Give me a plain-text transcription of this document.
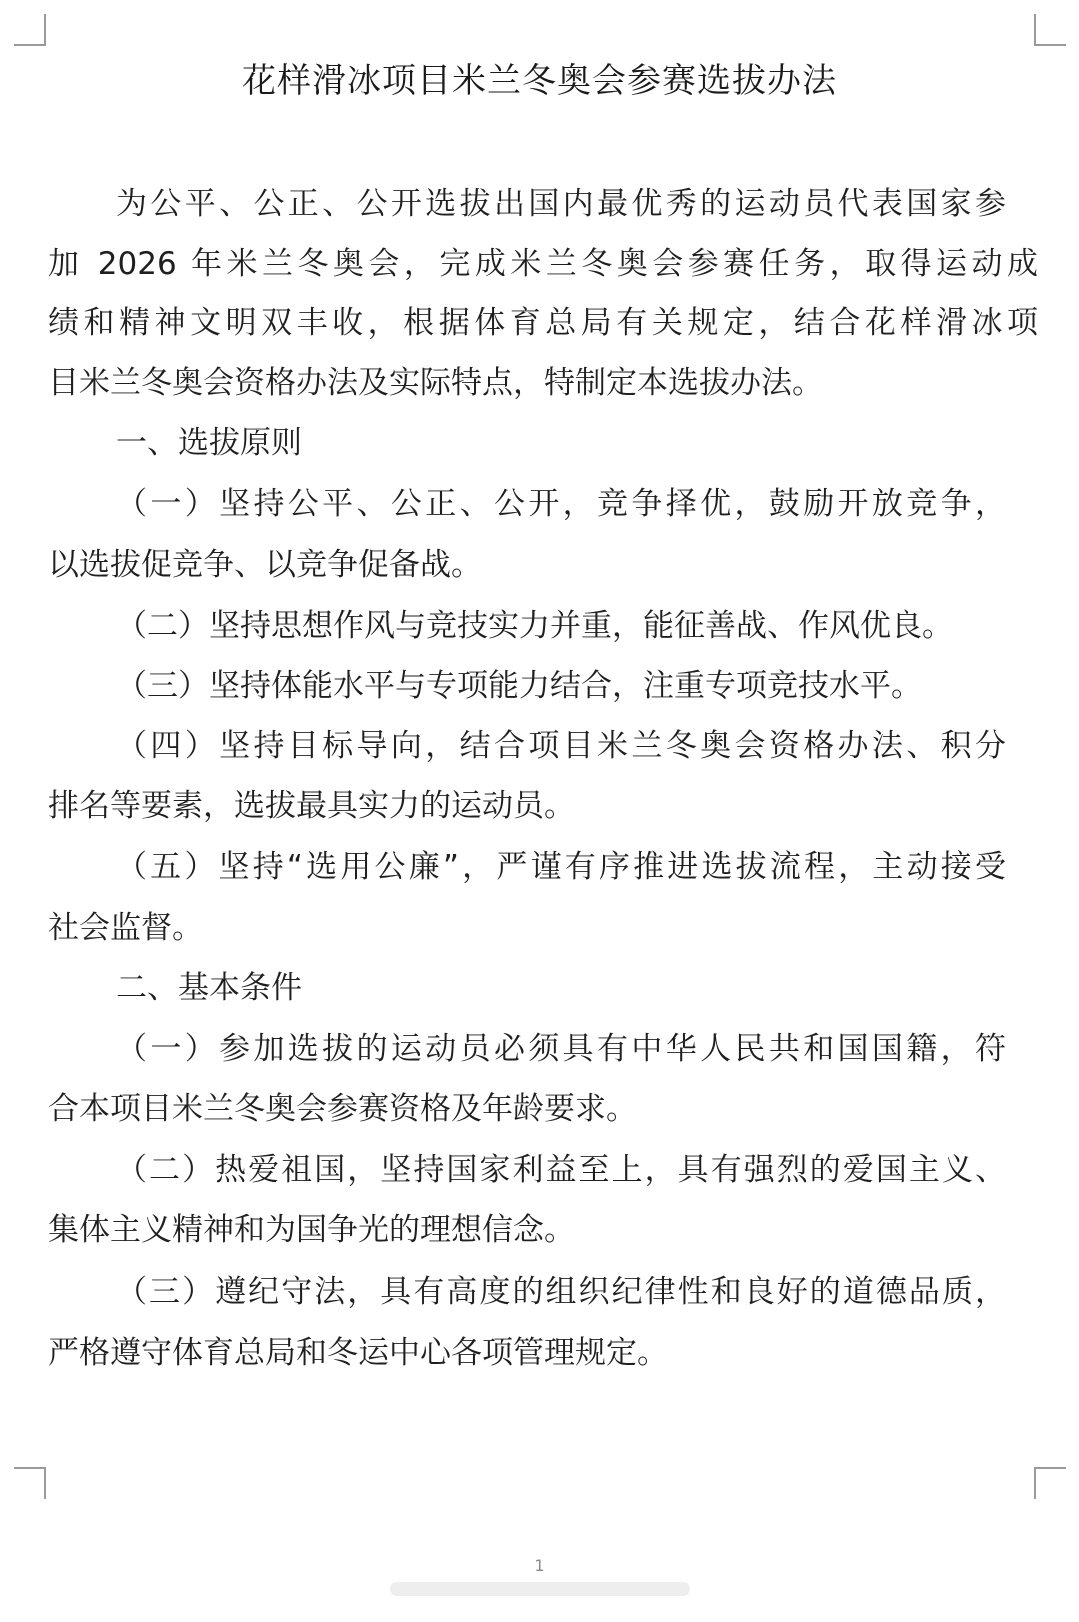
花样滑冰项目米兰冬奥会参赛选拔办法
为公平、公正、公开选拔出国内最优秀的运动员代表国家参
加 2026 年米兰冬奥会，完成米兰冬奥会参赛任务，取得运动成
绩和精神文明双丰收，根据体育总局有关规定，结合花样滑冰项
目米兰冬奥会资格办法及实际特点，特制定本选拔办法。
一、选拔原则
（一）坚持公平、公正、公开，竞争择优，鼓励开放竞争，
以选拔促竞争、以竞争促备战。
（二）坚持思想作风与竞技实力并重，能征善战、作风优良。
（三）坚持体能水平与专项能力结合，注重专项竞技水平。
（四）坚持目标导向，结合项目米兰冬奥会资格办法、积分
排名等要素，选拔最具实力的运动员。
（五）坚持“选用公廉”，严谨有序推进选拔流程，主动接受
社会监督。
二、基本条件
（一）参加选拔的运动员必须具有中华人民共和国国籍，符
合本项目米兰冬奥会参赛资格及年龄要求。
（二）热爱祖国，坚持国家利益至上，具有强烈的爱国主义、
集体主义精神和为国争光的理想信念。
（三）遵纪守法，具有高度的组织纪律性和良好的道德品质，
严格遵守体育总局和冬运中心各项管理规定。
1
